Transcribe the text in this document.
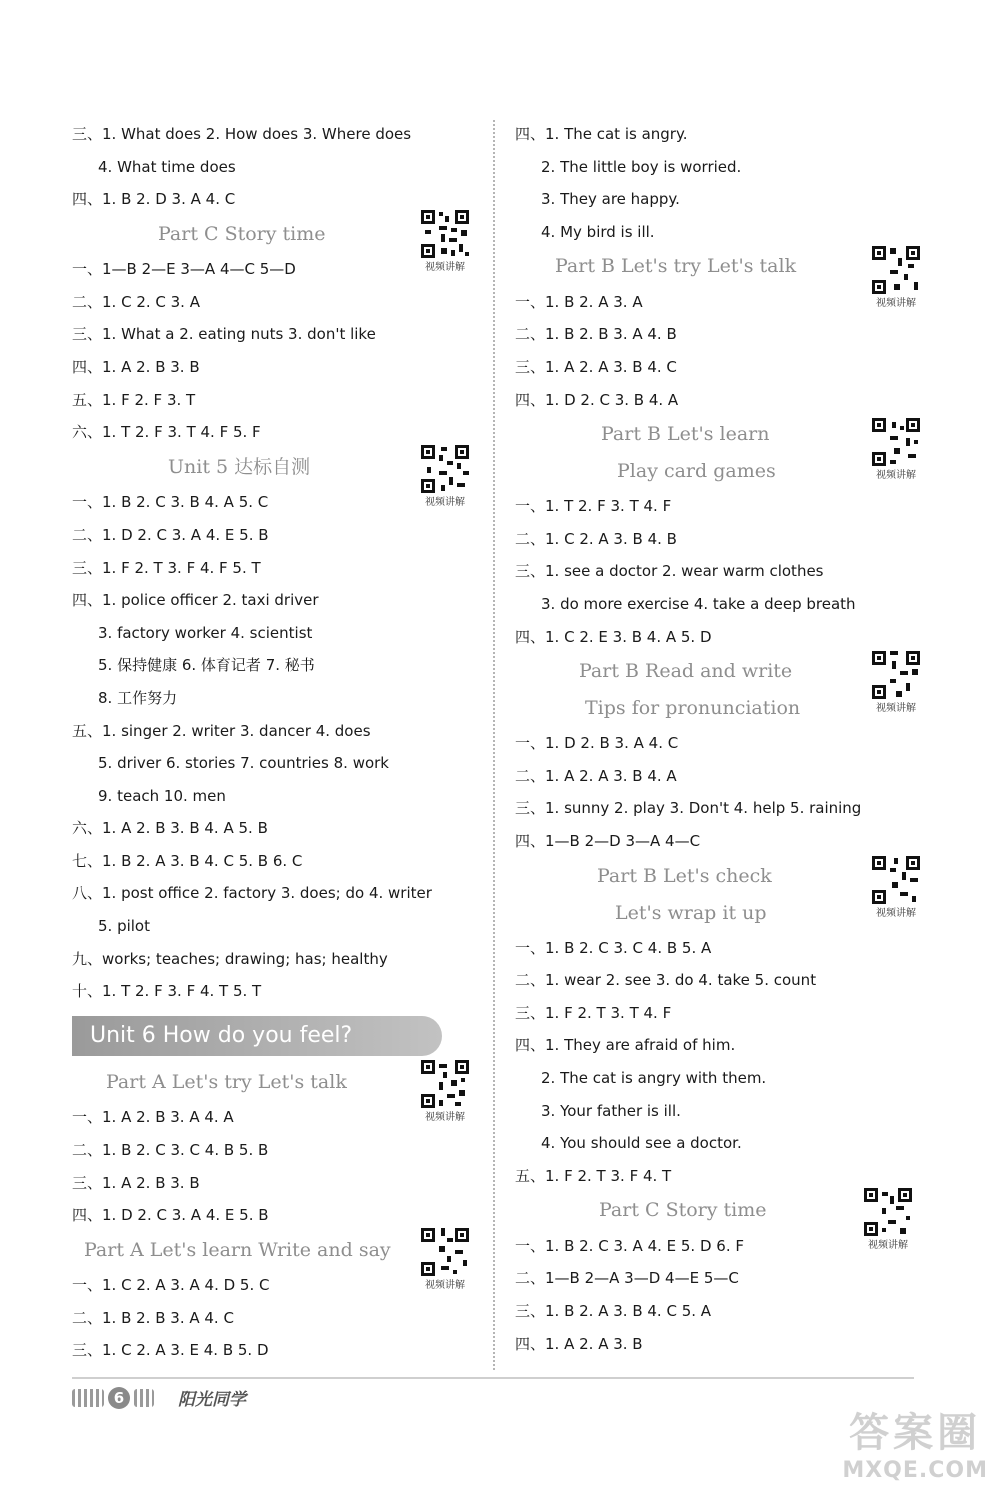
三、1. What does 2. How does 3. Where does
4. What time does
四、1. B 2. D 3. A 4. C
Part C Story time
视频讲解
一、1—B 2—E 3—A 4—C 5—D
二、1. C 2. C 3. A
三、1. What a 2. eating nuts 3. don't like
四、1. A 2. B 3. B
五、1. F 2. F 3. T
六、1. T 2. F 3. T 4. F 5. F
Unit 5 达标自测
视频讲解
一、1. B 2. C 3. B 4. A 5. C
二、1. D 2. C 3. A 4. E 5. B
三、1. F 2. T 3. F 4. F 5. T
四、1. police officer 2. taxi driver
3. factory worker 4. scientist
5. 保持健康 6. 体育记者 7. 秘书
8. 工作努力
五、1. singer 2. writer 3. dancer 4. does
5. driver 6. stories 7. countries 8. work
9. teach 10. men
六、1. A 2. B 3. B 4. A 5. B
七、1. B 2. A 3. B 4. C 5. B 6. C
八、1. post office 2. factory 3. does; do 4. writer
5. pilot
九、works; teaches; drawing; has; healthy
十、1. T 2. F 3. F 4. T 5. T
Unit 6 How do you feel?
Part A Let's try Let's talk
视频讲解
一、1. A 2. B 3. A 4. A
二、1. B 2. C 3. C 4. B 5. B
三、1. A 2. B 3. B
四、1. D 2. C 3. A 4. E 5. B
Part A Let's learn Write and say
视频讲解
一、1. C 2. A 3. A 4. D 5. C
二、1. B 2. B 3. A 4. C
三、1. C 2. A 3. E 4. B 5. D
四、1. The cat is angry.
2. The little boy is worried.
3. They are happy.
4. My bird is ill.
Part B Let's try Let's talk
视频讲解
一、1. B 2. A 3. A
二、1. B 2. B 3. A 4. B
三、1. A 2. A 3. B 4. C
四、1. D 2. C 3. B 4. A
Part B Let's learn
视频讲解
Play card games
一、1. T 2. F 3. T 4. F
二、1. C 2. A 3. B 4. B
三、1. see a doctor 2. wear warm clothes
3. do more exercise 4. take a deep breath
四、1. C 2. E 3. B 4. A 5. D
Part B Read and write
视频讲解
Tips for pronunciation
一、1. D 2. B 3. A 4. C
二、1. A 2. A 3. B 4. A
三、1. sunny 2. play 3. Don't 4. help 5. raining
四、1—B 2—D 3—A 4—C
Part B Let's check
视频讲解
Let's wrap it up
一、1. B 2. C 3. C 4. B 5. A
二、1. wear 2. see 3. do 4. take 5. count
三、1. F 2. T 3. T 4. F
四、1. They are afraid of him.
2. The cat is angry with them.
3. Your father is ill.
4. You should see a doctor.
五、1. F 2. T 3. F 4. T
Part C Story time
视频讲解
一、1. B 2. C 3. A 4. E 5. D 6. F
二、1—B 2—A 3—D 4—E 5—C
三、1. B 2. A 3. B 4. C 5. A
四、1. A 2. A 3. B
6	阳光同学
答案圈
MXQE.COM
